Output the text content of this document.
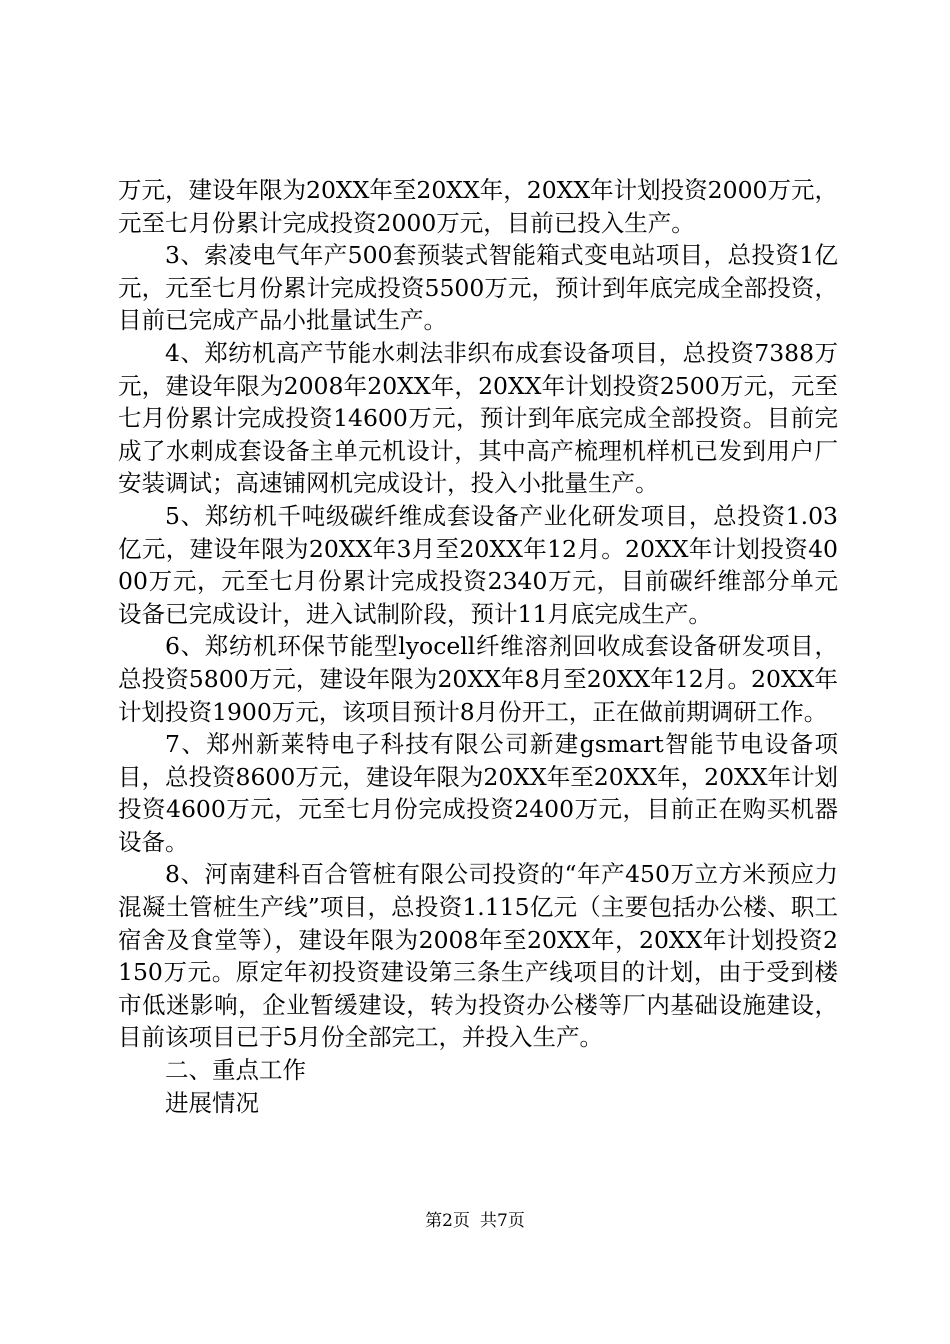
万元，建设年限为20XX年至20XX年，20XX年计划投资2000万元，元至七月份累计完成投资2000万元，目前已投入生产。

3、索凌电气年产500套预装式智能箱式变电站项目，总投资1亿元，元至七月份累计完成投资5500万元，预计到年底完成全部投资，目前已完成产品小批量试生产。

4、郑纺机高产节能水刺法非织布成套设备项目，总投资7388万元，建设年限为2008年20XX年，20XX年计划投资2500万元，元至七月份累计完成投资14600万元，预计到年底完成全部投资。目前完成了水刺成套设备主单元机设计，其中高产梳理机样机已发到用户厂安装调试；高速铺网机完成设计，投入小批量生产。

5、郑纺机千吨级碳纤维成套设备产业化研发项目，总投资1.03亿元，建设年限为20XX年3月至20XX年12月。20XX年计划投资4000万元，元至七月份累计完成投资2340万元，目前碳纤维部分单元设备已完成设计，进入试制阶段，预计11月底完成生产。

6、郑纺机环保节能型lyocell纤维溶剂回收成套设备研发项目，总投资5800万元，建设年限为20XX年8月至20XX年12月。20XX年计划投资1900万元，该项目预计8月份开工，正在做前期调研工作。

7、郑州新莱特电子科技有限公司新建gsmart智能节电设备项目，总投资8600万元，建设年限为20XX年至20XX年，20XX年计划投资4600万元，元至七月份完成投资2400万元，目前正在购买机器设备。

8、河南建科百合管桩有限公司投资的“年产450万立方米预应力混凝土管桩生产线”项目，总投资1.115亿元（主要包括办公楼、职工宿舍及食堂等），建设年限为2008年至20XX年，20XX年计划投资2150万元。原定年初投资建设第三条生产线项目的计划，由于受到楼市低迷影响，企业暂缓建设，转为投资办公楼等厂内基础设施建设，目前该项目已于5月份全部完工，并投入生产。

二、重点工作

进展情况

第2页 共7页
